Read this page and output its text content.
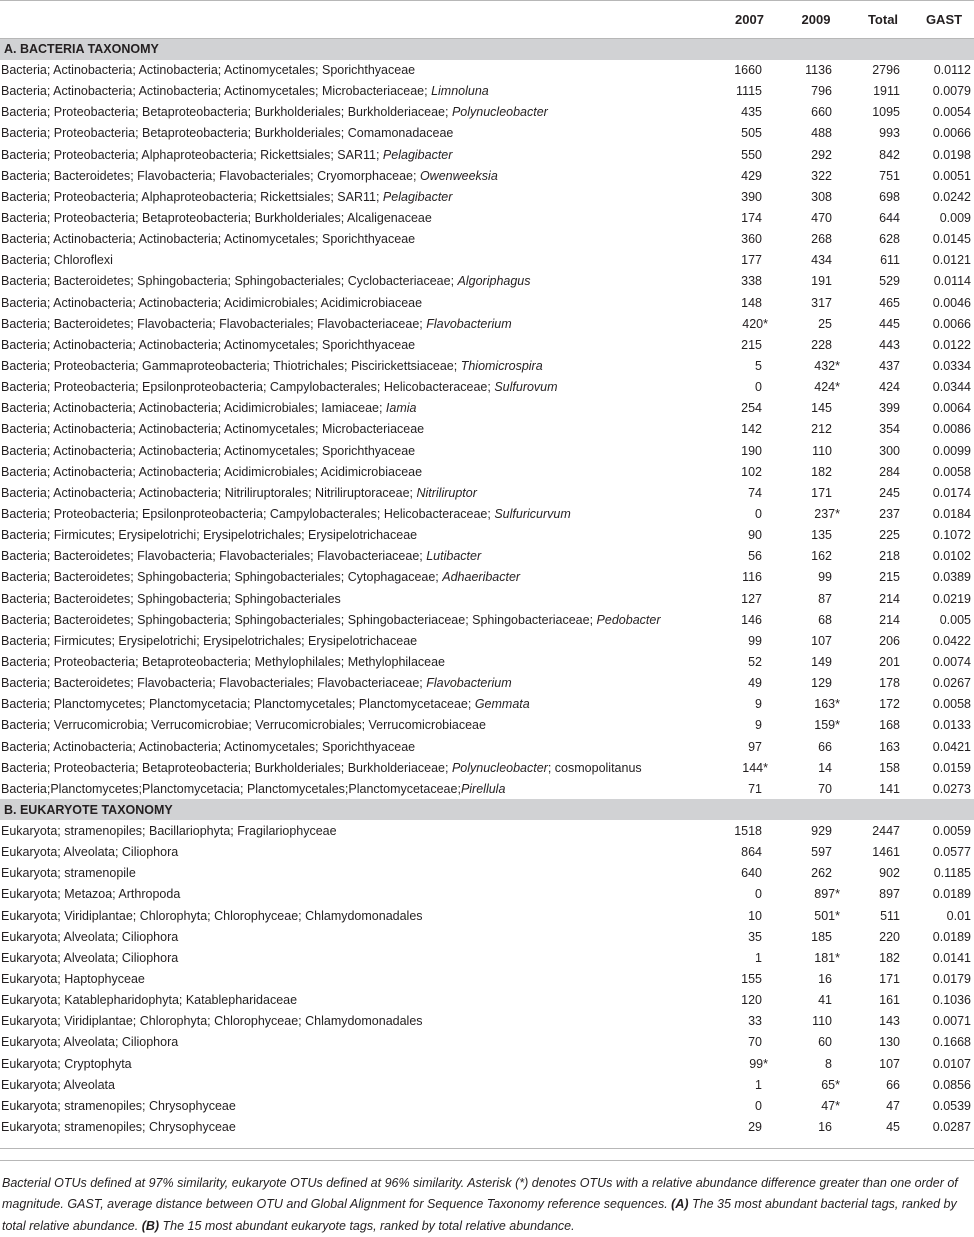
	2007	2009	Total	GAST
A. BACTERIA TAXONOMY				
Bacteria; Actinobacteria; Actinobacteria; Actinomycetales; Sporichthyaceae	1660	1136	2796	0.0112
Bacteria; Actinobacteria; Actinobacteria; Actinomycetales; Microbacteriaceae; Limnoluna	1115	796	1911	0.0079
Bacteria; Proteobacteria; Betaproteobacteria; Burkholderiales; Burkholderiaceae; Polynucleobacter	435	660	1095	0.0054
Bacteria; Proteobacteria; Betaproteobacteria; Burkholderiales; Comamonadaceae	505	488	993	0.0066
Bacteria; Proteobacteria; Alphaproteobacteria; Rickettsiales; SAR11; Pelagibacter	550	292	842	0.0198
Bacteria; Bacteroidetes; Flavobacteria; Flavobacteriales; Cryomorphaceae; Owenweeksia	429	322	751	0.0051
Bacteria; Proteobacteria; Alphaproteobacteria; Rickettsiales; SAR11; Pelagibacter	390	308	698	0.0242
Bacteria; Proteobacteria; Betaproteobacteria; Burkholderiales; Alcaligenaceae	174	470	644	0.009
Bacteria; Actinobacteria; Actinobacteria; Actinomycetales; Sporichthyaceae	360	268	628	0.0145
Bacteria; Chloroflexi	177	434	611	0.0121
Bacteria; Bacteroidetes; Sphingobacteria; Sphingobacteriales; Cyclobacteriaceae; Algoriphagus	338	191	529	0.0114
Bacteria; Actinobacteria; Actinobacteria; Acidimicrobiales; Acidimicrobiaceae	148	317	465	0.0046
Bacteria; Bacteroidetes; Flavobacteria; Flavobacteriales; Flavobacteriaceae; Flavobacterium	420*	25	445	0.0066
Bacteria; Actinobacteria; Actinobacteria; Actinomycetales; Sporichthyaceae	215	228	443	0.0122
Bacteria; Proteobacteria; Gammaproteobacteria; Thiotrichales; Piscirickettsiaceae; Thiomicrospira	5	432*	437	0.0334
Bacteria; Proteobacteria; Epsilonproteobacteria; Campylobacterales; Helicobacteraceae; Sulfurovum	0	424*	424	0.0344
Bacteria; Actinobacteria; Actinobacteria; Acidimicrobiales; Iamiaceae; Iamia	254	145	399	0.0064
Bacteria; Actinobacteria; Actinobacteria; Actinomycetales; Microbacteriaceae	142	212	354	0.0086
Bacteria; Actinobacteria; Actinobacteria; Actinomycetales; Sporichthyaceae	190	110	300	0.0099
Bacteria; Actinobacteria; Actinobacteria; Acidimicrobiales; Acidimicrobiaceae	102	182	284	0.0058
Bacteria; Actinobacteria; Actinobacteria; Nitriliruptorales; Nitriliruptoraceae; Nitriliruptor	74	171	245	0.0174
Bacteria; Proteobacteria; Epsilonproteobacteria; Campylobacterales; Helicobacteraceae; Sulfuricurvum	0	237*	237	0.0184
Bacteria; Firmicutes; Erysipelotrichi; Erysipelotrichales; Erysipelotrichaceae	90	135	225	0.1072
Bacteria; Bacteroidetes; Flavobacteria; Flavobacteriales; Flavobacteriaceae; Lutibacter	56	162	218	0.0102
Bacteria; Bacteroidetes; Sphingobacteria; Sphingobacteriales; Cytophagaceae; Adhaeribacter	116	99	215	0.0389
Bacteria; Bacteroidetes; Sphingobacteria; Sphingobacteriales	127	87	214	0.0219
Bacteria; Bacteroidetes; Sphingobacteria; Sphingobacteriales; Sphingobacteriaceae; Sphingobacteriaceae; Pedobacter	146	68	214	0.005
Bacteria; Firmicutes; Erysipelotrichi; Erysipelotrichales; Erysipelotrichaceae	99	107	206	0.0422
Bacteria; Proteobacteria; Betaproteobacteria; Methylophilales; Methylophilaceae	52	149	201	0.0074
Bacteria; Bacteroidetes; Flavobacteria; Flavobacteriales; Flavobacteriaceae; Flavobacterium	49	129	178	0.0267
Bacteria; Planctomycetes; Planctomycetacia; Planctomycetales; Planctomycetaceae; Gemmata	9	163*	172	0.0058
Bacteria; Verrucomicrobia; Verrucomicrobiae; Verrucomicrobiales; Verrucomicrobiaceae	9	159*	168	0.0133
Bacteria; Actinobacteria; Actinobacteria; Actinomycetales; Sporichthyaceae	97	66	163	0.0421
Bacteria; Proteobacteria; Betaproteobacteria; Burkholderiales; Burkholderiaceae; Polynucleobacter; cosmopolitanus	144*	14	158	0.0159
Bacteria;Planctomycetes;Planctomycetacia; Planctomycetales;Planctomycetaceae;Pirellula	71	70	141	0.0273
B. EUKARYOTE TAXONOMY				
Eukaryota; stramenopiles; Bacillariophyta; Fragilariophyceae	1518	929	2447	0.0059
Eukaryota; Alveolata; Ciliophora	864	597	1461	0.0577
Eukaryota; stramenopile	640	262	902	0.1185
Eukaryota; Metazoa; Arthropoda	0	897*	897	0.0189
Eukaryota; Viridiplantae; Chlorophyta; Chlorophyceae; Chlamydomonadales	10	501*	511	0.01
Eukaryota; Alveolata; Ciliophora	35	185	220	0.0189
Eukaryota; Alveolata; Ciliophora	1	181*	182	0.0141
Eukaryota; Haptophyceae	155	16	171	0.0179
Eukaryota; Katablepharidophyta; Katablepharidaceae	120	41	161	0.1036
Eukaryota; Viridiplantae; Chlorophyta; Chlorophyceae; Chlamydomonadales	33	110	143	0.0071
Eukaryota; Alveolata; Ciliophora	70	60	130	0.1668
Eukaryota; Cryptophyta	99*	8	107	0.0107
Eukaryota; Alveolata	1	65*	66	0.0856
Eukaryota; stramenopiles; Chrysophyceae	0	47*	47	0.0539
Eukaryota; stramenopiles; Chrysophyceae	29	16	45	0.0287
Bacterial OTUs defined at 97% similarity, eukaryote OTUs defined at 96% similarity. Asterisk (*) denotes OTUs with a relative abundance difference greater than one order of magnitude. GAST, average distance between OTU and Global Alignment for Sequence Taxonomy reference sequences. (A) The 35 most abundant bacterial tags, ranked by total relative abundance. (B) The 15 most abundant eukaryote tags, ranked by total relative abundance.
